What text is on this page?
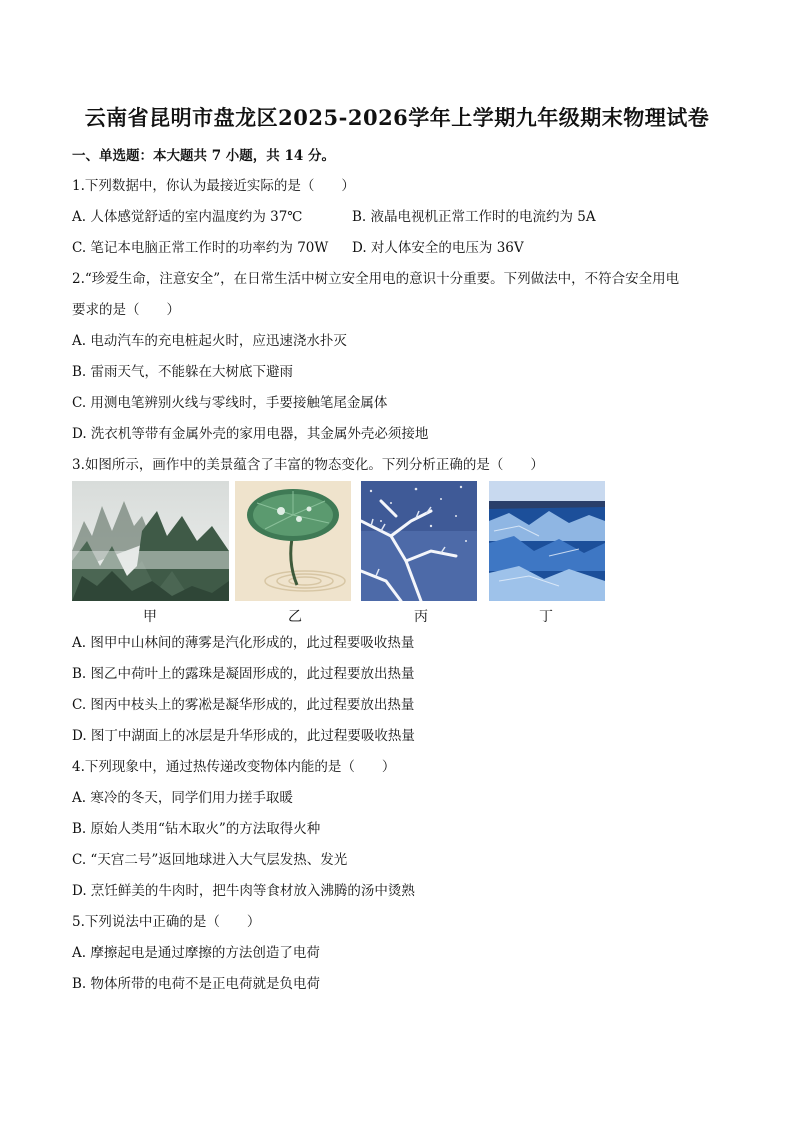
云南省昆明市盘龙区2025-2026学年上学期九年级期末物理试卷
一、单选题：本大题共 7 小题，共 14 分。
1.下列数据中，你认为最接近实际的是（　　）
A. 人体感觉舒适的室内温度约为 37℃	B. 液晶电视机正常工作时的电流约为 5A
C. 笔记本电脑正常工作时的功率约为 70W D. 对人体安全的电压为 36V
2.“珍爱生命，注意安全”，在日常生活中树立安全用电的意识十分重要。下列做法中，不符合安全用电
要求的是（　　）
A. 电动汽车的充电桩起火时，应迅速浇水扑灭
B. 雷雨天气，不能躲在大树底下避雨
C. 用测电笔辨别火线与零线时，手要接触笔尾金属体
D. 洗衣机等带有金属外壳的家用电器，其金属外壳必须接地
3.如图所示，画作中的美景蕴含了丰富的物态变化。下列分析正确的是（　　）
甲	乙	丙	丁
A. 图甲中山林间的薄雾是汽化形成的，此过程要吸收热量
B. 图乙中荷叶上的露珠是凝固形成的，此过程要放出热量
C. 图丙中枝头上的雾凇是凝华形成的，此过程要放出热量
D. 图丁中湖面上的冰层是升华形成的，此过程要吸收热量
4.下列现象中，通过热传递改变物体内能的是（　　）
A. 寒冷的冬天，同学们用力搓手取暖
B. 原始人类用“钻木取火”的方法取得火种
C. “天宫二号”返回地球进入大气层发热、发光
D. 烹饪鲜美的牛肉时，把牛肉等食材放入沸腾的汤中烫熟
5.下列说法中正确的是（　　）
A. 摩擦起电是通过摩擦的方法创造了电荷
B. 物体所带的电荷不是正电荷就是负电荷
